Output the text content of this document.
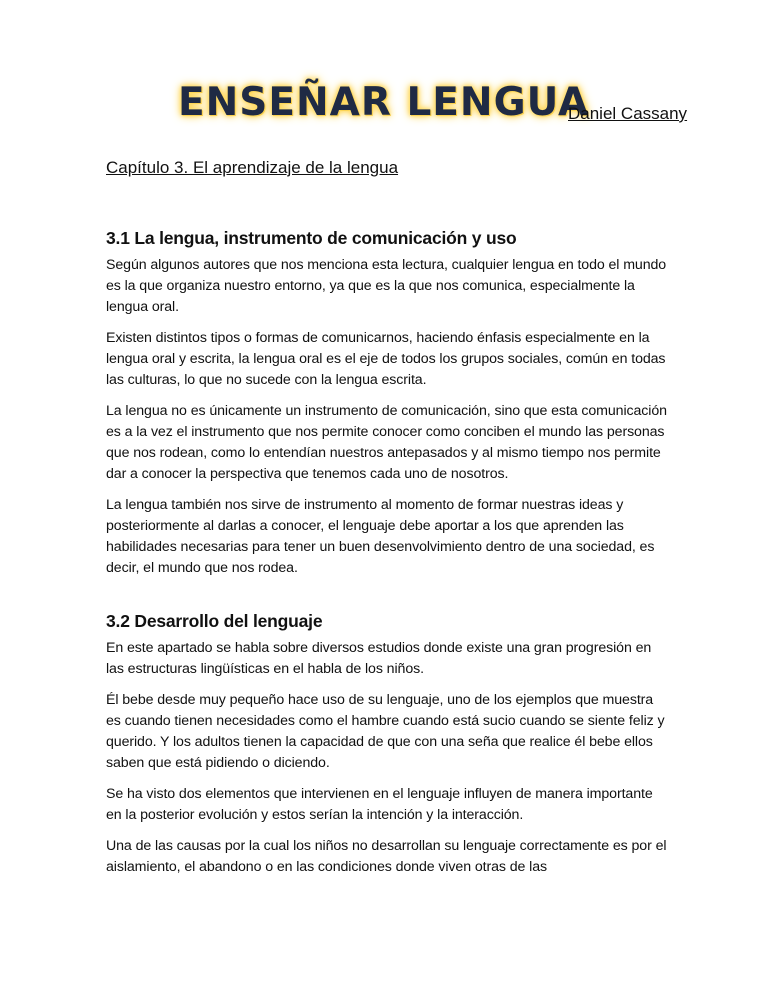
ENSEÑAR LENGUA
Daniel Cassany
Capítulo 3. El aprendizaje de la lengua
3.1 La lengua, instrumento de comunicación y uso

Según algunos autores que nos menciona esta lectura, cualquier lengua en todo el mundo es la que organiza nuestro entorno, ya que es la que nos comunica, especialmente la lengua oral.

Existen distintos tipos o formas de comunicarnos, haciendo énfasis especialmente en la lengua oral y escrita, la lengua oral es el eje de todos los grupos sociales, común en todas las culturas, lo que no sucede con la lengua escrita.

La lengua no es únicamente un instrumento de comunicación, sino que esta comunicación es a la vez el instrumento que nos permite conocer como conciben el mundo las personas que nos rodean, como lo entendían nuestros antepasados y al mismo tiempo nos permite dar a conocer la perspectiva que tenemos cada uno de nosotros.

La lengua también nos sirve de instrumento al momento de formar nuestras ideas y posteriormente al darlas a conocer, el lenguaje debe aportar a los que aprenden las habilidades necesarias para tener un buen desenvolvimiento dentro de una sociedad, es decir, el mundo que nos rodea.

3.2 Desarrollo del lenguaje

En este apartado se habla sobre diversos estudios donde existe una gran progresión en las estructuras lingüísticas en el habla de los niños.

Él bebe desde muy pequeño hace uso de su lenguaje, uno de los ejemplos que muestra es cuando tienen necesidades como el hambre cuando está sucio cuando se siente feliz y querido. Y los adultos tienen la capacidad de que con una seña que realice él bebe ellos saben que está pidiendo o diciendo.

Se ha visto dos elementos que intervienen en el lenguaje influyen de manera importante en la posterior evolución y estos serían la intención y la interacción.

Una de las causas por la cual los niños no desarrollan su lenguaje correctamente es por el aislamiento, el abandono o en las condiciones donde viven otras de las
